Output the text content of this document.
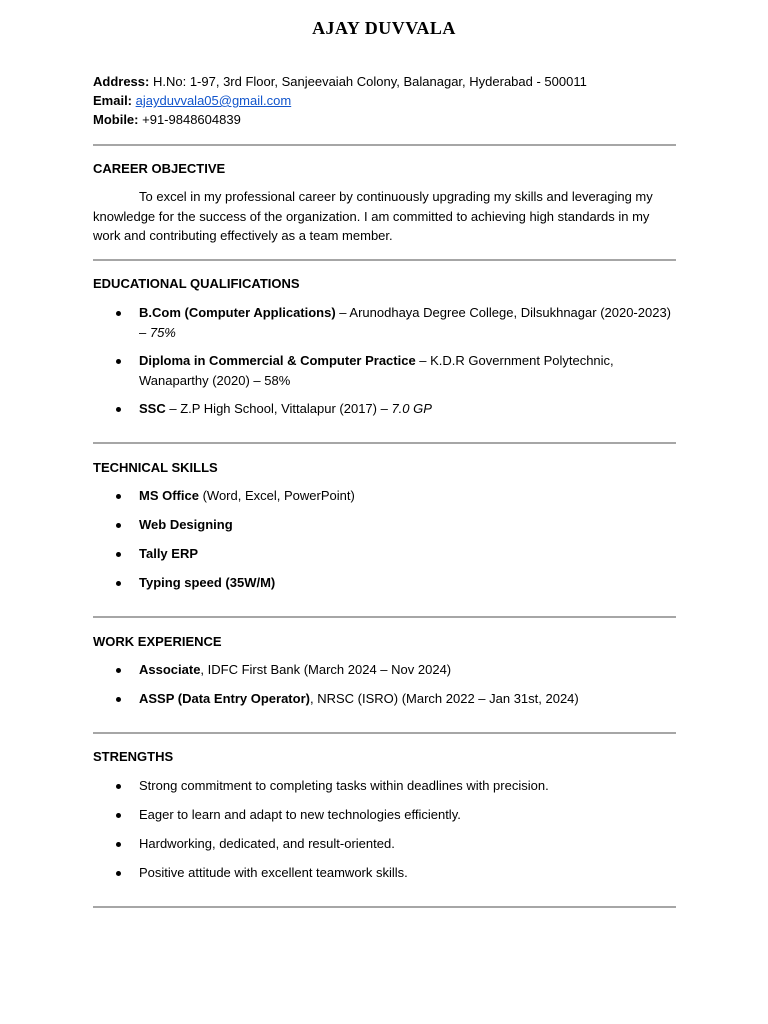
AJAY DUVVALA
Address: H.No: 1-97, 3rd Floor, Sanjeevaiah Colony, Balanagar, Hyderabad - 500011
Email: ajayduvvala05@gmail.com
Mobile: +91-9848604839
CAREER OBJECTIVE

To excel in my professional career by continuously upgrading my skills and leveraging my knowledge for the success of the organization. I am committed to achieving high standards in my work and contributing effectively as a team member.

EDUCATIONAL QUALIFICATIONS
B.Com (Computer Applications) – Arunodhaya Degree College, Dilsukhnagar (2020-2023) – 75%
Diploma in Commercial & Computer Practice – K.D.R Government Polytechnic, Wanaparthy (2020) – 58%
SSC – Z.P High School, Vittalapur (2017) – 7.0 GP
TECHNICAL SKILLS
MS Office (Word, Excel, PowerPoint)
Web Designing
Tally ERP
Typing speed (35W/M)
WORK EXPERIENCE
Associate, IDFC First Bank (March 2024 – Nov 2024)
ASSP (Data Entry Operator), NRSC (ISRO) (March 2022 – Jan 31st, 2024)
STRENGTHS
Strong commitment to completing tasks within deadlines with precision.
Eager to learn and adapt to new technologies efficiently.
Hardworking, dedicated, and result-oriented.
Positive attitude with excellent teamwork skills.
